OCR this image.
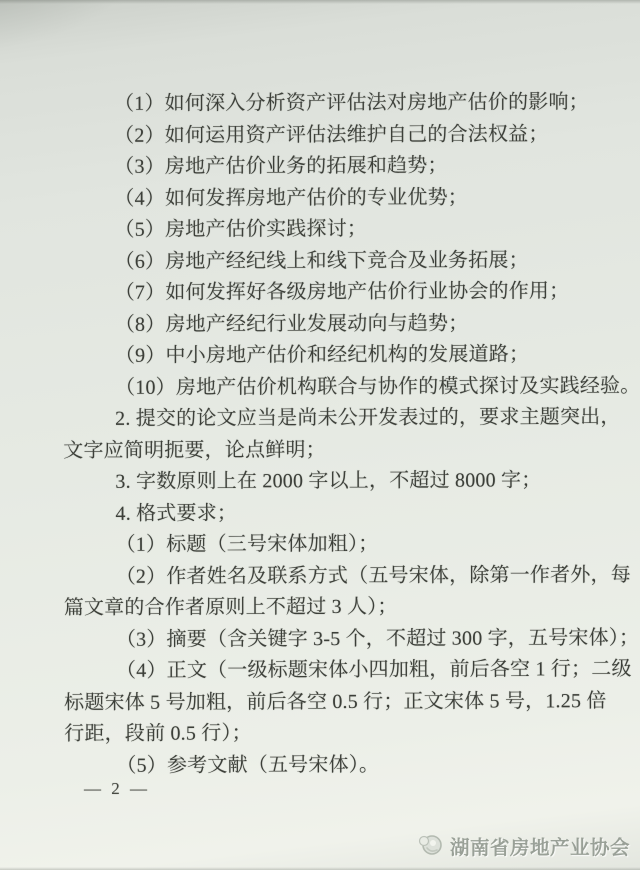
（1）如何深入分析资产评估法对房地产估价的影响；
（2）如何运用资产评估法维护自己的合法权益；
（3）房地产估价业务的拓展和趋势；
（4）如何发挥房地产估价的专业优势；
（5）房地产估价实践探讨；
（6）房地产经纪线上和线下竞合及业务拓展；
（7）如何发挥好各级房地产估价行业协会的作用；
（8）房地产经纪行业发展动向与趋势；
（9）中小房地产估价和经纪机构的发展道路；
（10）房地产估价机构联合与协作的模式探讨及实践经验。
2. 提交的论文应当是尚未公开发表过的，要求主题突出，
文字应简明扼要，论点鲜明；
3. 字数原则上在 2000 字以上，不超过 8000 字；
4. 格式要求；
（1）标题（三号宋体加粗）；
（2）作者姓名及联系方式（五号宋体，除第一作者外，每
篇文章的合作者原则上不超过 3 人）；
（3）摘要（含关键字 3-5 个，不超过 300 字，五号宋体）；
（4）正文（一级标题宋体小四加粗，前后各空 1 行；二级
标题宋体 5 号加粗，前后各空 0.5 行；正文宋体 5 号，1.25 倍
行距，段前 0.5 行）；
（5）参考文献（五号宋体）。
— 2 —
湖南省房地产业协会
